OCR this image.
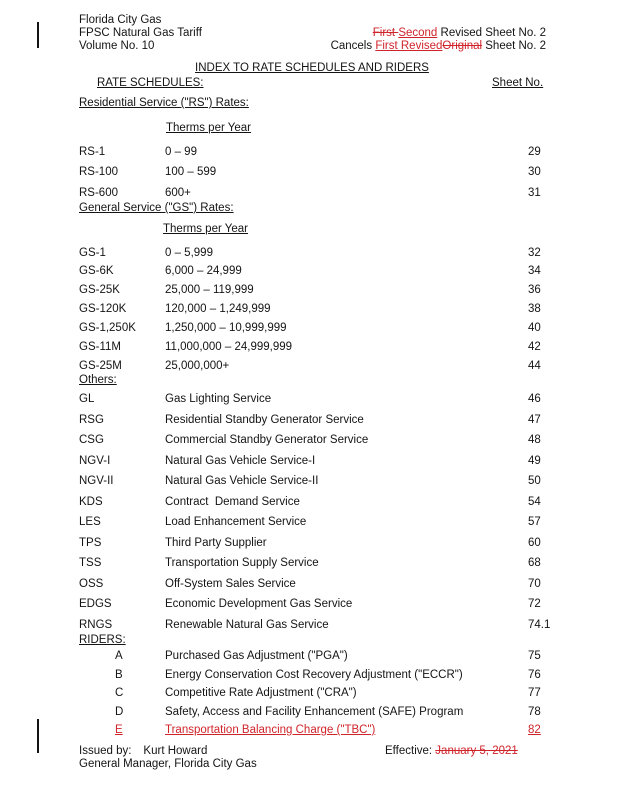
Florida City Gas
FPSC Natural Gas Tariff
Volume No. 10
First Second Revised Sheet No. 2
Cancels First RevisedOriginal Sheet No. 2
INDEX TO RATE SCHEDULES AND RIDERS
RATE SCHEDULES:	Sheet No.
Residential Service ("RS") Rates:
Therms per Year
RS-1	0 – 99	29
RS-100	100 – 599	30
RS-600	600+	31
General Service ("GS") Rates:
Therms per Year
GS-1	0 – 5,999	32
GS-6K	6,000 – 24,999	34
GS-25K	25,000 – 119,999	36
GS-120K	120,000 – 1,249,999	38
GS-1,250K	1,250,000 – 10,999,999	40
GS-11M	11,000,000 – 24,999,999	42
GS-25M	25,000,000+	44
Others:
GL	Gas Lighting Service	46
RSG	Residential Standby Generator Service	47
CSG	Commercial Standby Generator Service	48
NGV-I	Natural Gas Vehicle Service-I	49
NGV-II	Natural Gas Vehicle Service-II	50
KDS	Contract  Demand Service	54
LES	Load Enhancement Service	57
TPS	Third Party Supplier	60
TSS	Transportation Supply Service	68
OSS	Off-System Sales Service	70
EDGS	Economic Development Gas Service	72
RNGS	Renewable Natural Gas Service	74.1
RIDERS:
A	Purchased Gas Adjustment ("PGA")	75
B	Energy Conservation Cost Recovery Adjustment ("ECCR")	76
C	Competitive Rate Adjustment ("CRA")	77
D	Safety, Access and Facility Enhancement (SAFE) Program	78
E	Transportation Balancing Charge ("TBC")	82
Issued by: Kurt Howard
General Manager, Florida City Gas
Effective: January 5, 2021
